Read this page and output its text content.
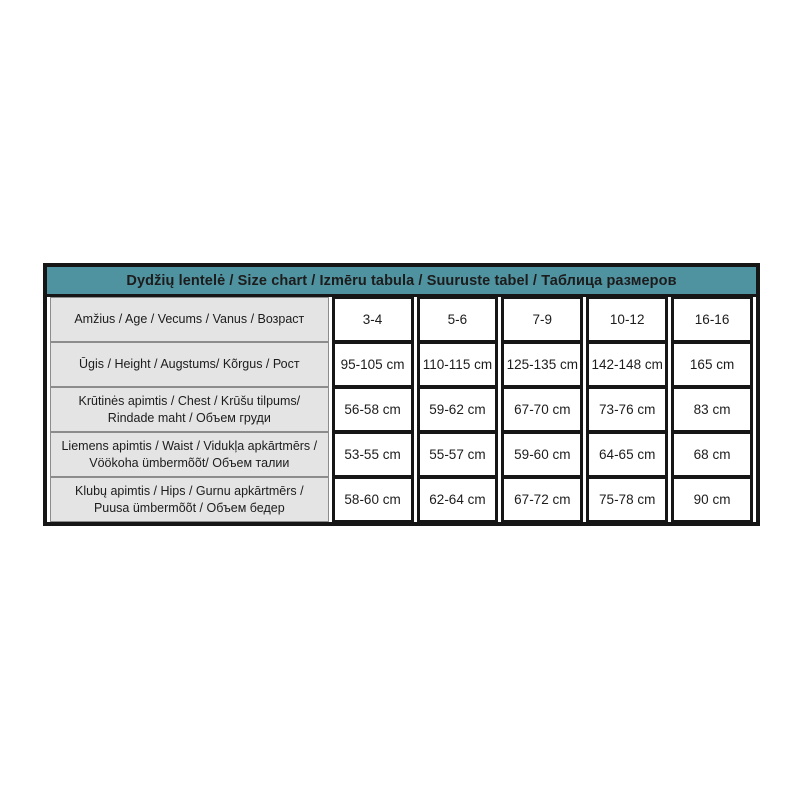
Dydžių lentelė / Size chart / Izmēru tabula / Suuruste tabel / Таблица размеров
Amžius / Age / Vecums / Vanus / Возраст	3-4	5-6	7-9	10-12	16-16
Ūgis / Height / Augstums/ Kõrgus / Рост	95-105 cm	110-115 cm	125-135 cm	142-148 cm	165 cm
Krūtinės apimtis / Chest / Krūšu tilpums/ Rindade maht / Объем груди	56-58 cm	59-62 cm	67-70 cm	73-76 cm	83 cm
Liemens apimtis / Waist / Vidukļa apkārtmērs / Vöökoha ümbermõõt/ Объем талии	53-55 cm	55-57 cm	59-60 cm	64-65 cm	68 cm
Klubų apimtis / Hips / Gurnu apkārtmērs / Puusa ümbermõõt / Объем бедер	58-60 cm	62-64 cm	67-72 cm	75-78 cm	90 cm
